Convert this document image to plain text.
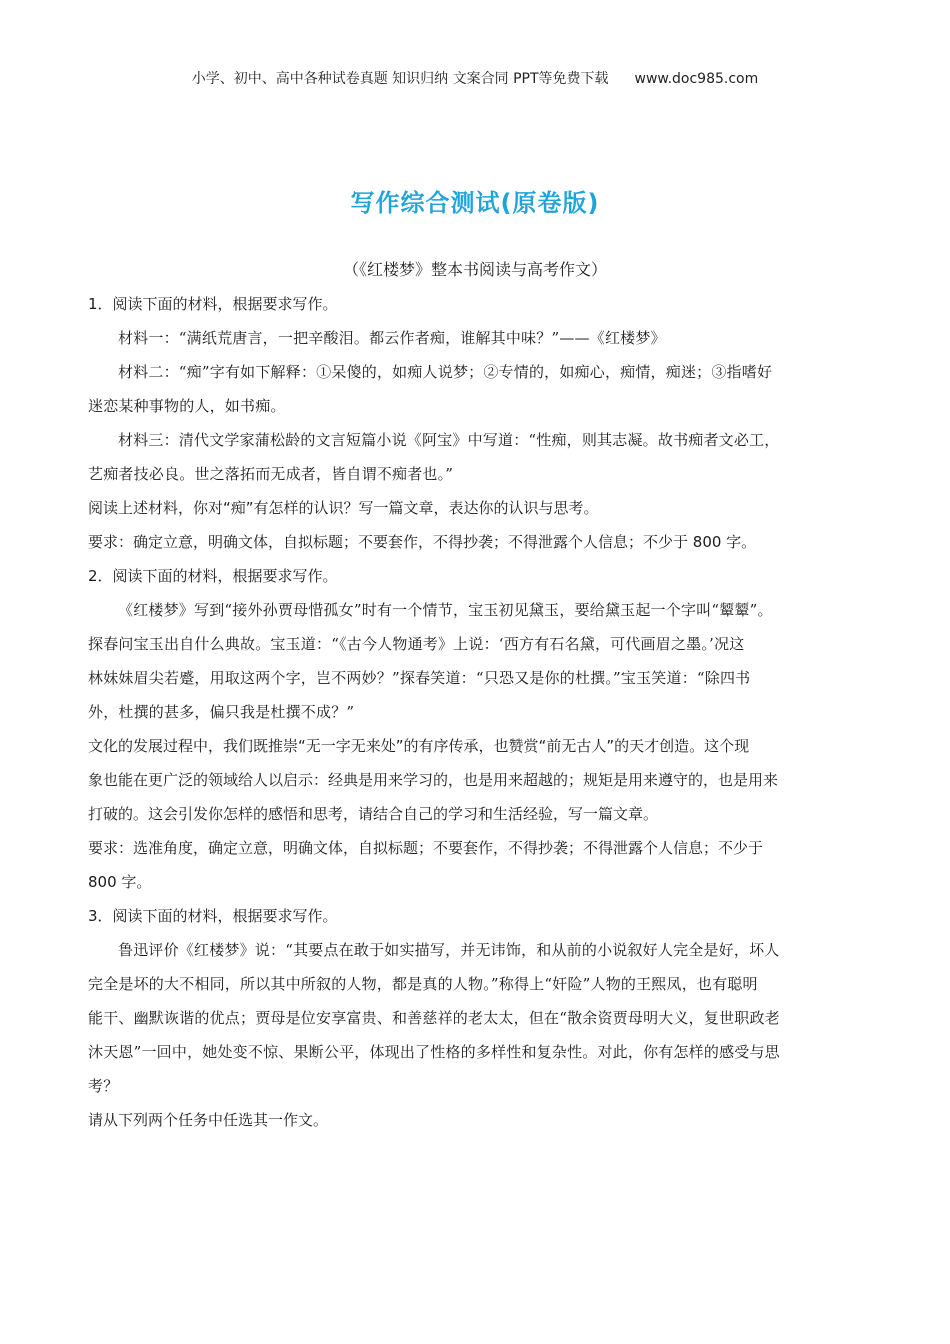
小学、初中、高中各种试卷真题 知识归纳 文案合同 PPT等免费下载 www.doc985.com
写作综合测试(原卷版)
（《红楼梦》整本书阅读与高考作文）
1．阅读下面的材料，根据要求写作。
材料一：“满纸荒唐言，一把辛酸泪。都云作者痴，谁解其中味？”——《红楼梦》
材料二：“痴”字有如下解释：①呆傻的，如痴人说梦；②专情的，如痴心，痴情，痴迷；③指嗜好
迷恋某种事物的人，如书痴。
材料三：清代文学家蒲松龄的文言短篇小说《阿宝》中写道：“性痴，则其志凝。故书痴者文必工，
艺痴者技必良。世之落拓而无成者，皆自谓不痴者也。”
阅读上述材料，你对“痴”有怎样的认识？写一篇文章，表达你的认识与思考。
要求：确定立意，明确文体，自拟标题；不要套作，不得抄袭；不得泄露个人信息；不少于 800 字。
2．阅读下面的材料，根据要求写作。
《红楼梦》写到“接外孙贾母惜孤女”时有一个情节，宝玉初见黛玉，要给黛玉起一个字叫“颦颦”。
探春问宝玉出自什么典故。宝玉道：“《古今人物通考》上说：‘西方有石名黛，可代画眉之墨。’况这
林妹妹眉尖若蹙，用取这两个字，岂不两妙？”探春笑道：“只恐又是你的杜撰。”宝玉笑道：“除四书
外，杜撰的甚多，偏只我是杜撰不成？”
文化的发展过程中，我们既推崇“无一字无来处”的有序传承，也赞赏“前无古人”的天才创造。这个现
象也能在更广泛的领域给人以启示：经典是用来学习的，也是用来超越的；规矩是用来遵守的，也是用来
打破的。这会引发你怎样的感悟和思考，请结合自己的学习和生活经验，写一篇文章。
要求：选准角度，确定立意，明确文体，自拟标题；不要套作，不得抄袭；不得泄露个人信息；不少于
800 字。
3．阅读下面的材料，根据要求写作。
鲁迅评价《红楼梦》说：“其要点在敢于如实描写，并无讳饰，和从前的小说叙好人完全是好，坏人
完全是坏的大不相同，所以其中所叙的人物，都是真的人物。”称得上“奸险”人物的王熙凤，也有聪明
能干、幽默诙谐的优点；贾母是位安享富贵、和善慈祥的老太太，但在“散余资贾母明大义，复世职政老
沐天恩”一回中，她处变不惊、果断公平，体现出了性格的多样性和复杂性。对此，你有怎样的感受与思
考？
请从下列两个任务中任选其一作文。
